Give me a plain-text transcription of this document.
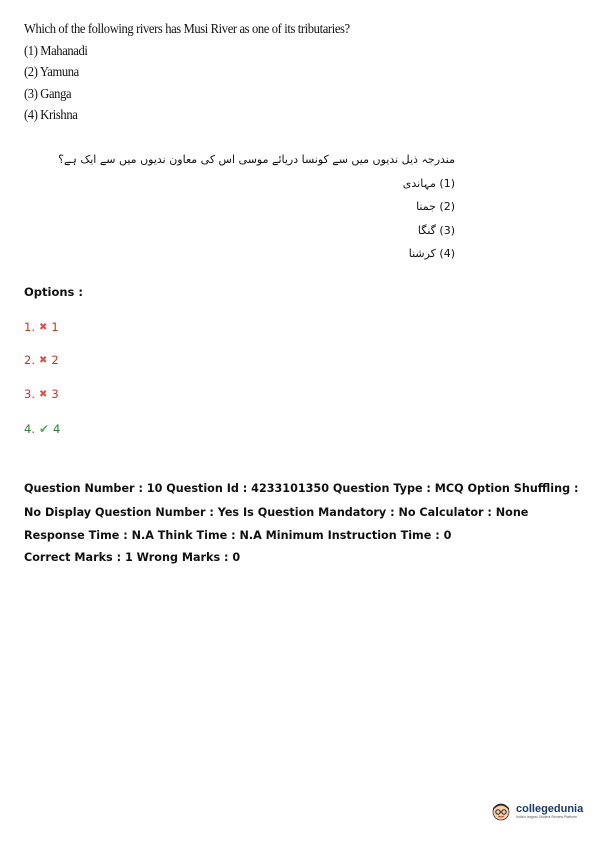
Which of the following rivers has Musi River as one of its tributaries?
(1) Mahanadi
(2) Yamuna
(3) Ganga
(4) Krishna
مندرجہ ذیل ندیوں میں سے کونسا دریائے موسی اس کی معاون ندیوں میں سے ایک ہے؟
(1) مہاندی
(2) جمنا
(3) گنگا
(4) کرشنا
Options :
1. ✖ 1
2. ✖ 2
3. ✖ 3
4. ✔ 4
Question Number : 10 Question Id : 4233101350 Question Type : MCQ Option Shuffling : No Display Question Number : Yes Is Question Mandatory : No Calculator : None Response Time : N.A Think Time : N.A Minimum Instruction Time : 0
Correct Marks : 1 Wrong Marks : 0
collegedunia
India's largest Student Review Platform
